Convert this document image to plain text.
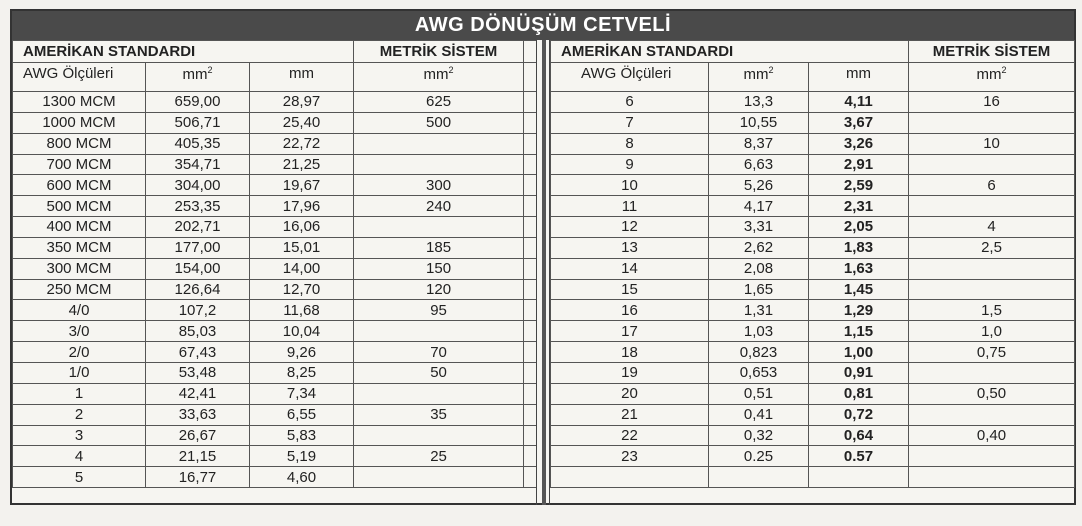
AWG DÖNÜŞÜM CETVELİ
AMERİKAN STANDARDI			METRİK SİSTEM	
AWG Ölçüleri	$mm^2$	mm	$mm^2$	
1300 MCM	659,00	28,97	625	
1000 MCM	506,71	25,40	500	
800 MCM	405,35	22,72		
700 MCM	354,71	21,25		
600 MCM	304,00	19,67	300	
500 MCM	253,35	17,96	240	
400 MCM	202,71	16,06		
350 MCM	177,00	15,01	185	
300 MCM	154,00	14,00	150	
250 MCM	126,64	12,70	120	
4/0	107,2	11,68	95	
3/0	85,03	10,04		
2/0	67,43	9,26	70	
1/0	53,48	8,25	50	
1	42,41	7,34		
2	33,63	6,55	35	
3	26,67	5,83		
4	21,15	5,19	25	
5	16,77	4,60		
AMERİKAN STANDARDI			METRİK SİSTEM
AWG Ölçüleri	$mm^2$	mm	$mm^2$
6	13,3	4,11	16
7	10,55	3,67	
8	8,37	3,26	10
9	6,63	2,91	
10	5,26	2,59	6
11	4,17	2,31	
12	3,31	2,05	4
13	2,62	1,83	2,5
14	2,08	1,63	
15	1,65	1,45	
16	1,31	1,29	1,5
17	1,03	1,15	1,0
18	0,823	1,00	0,75
19	0,653	0,91	
20	0,51	0,81	0,50
21	0,41	0,72	
22	0,32	0,64	0,40
23	0.25	0.57	
